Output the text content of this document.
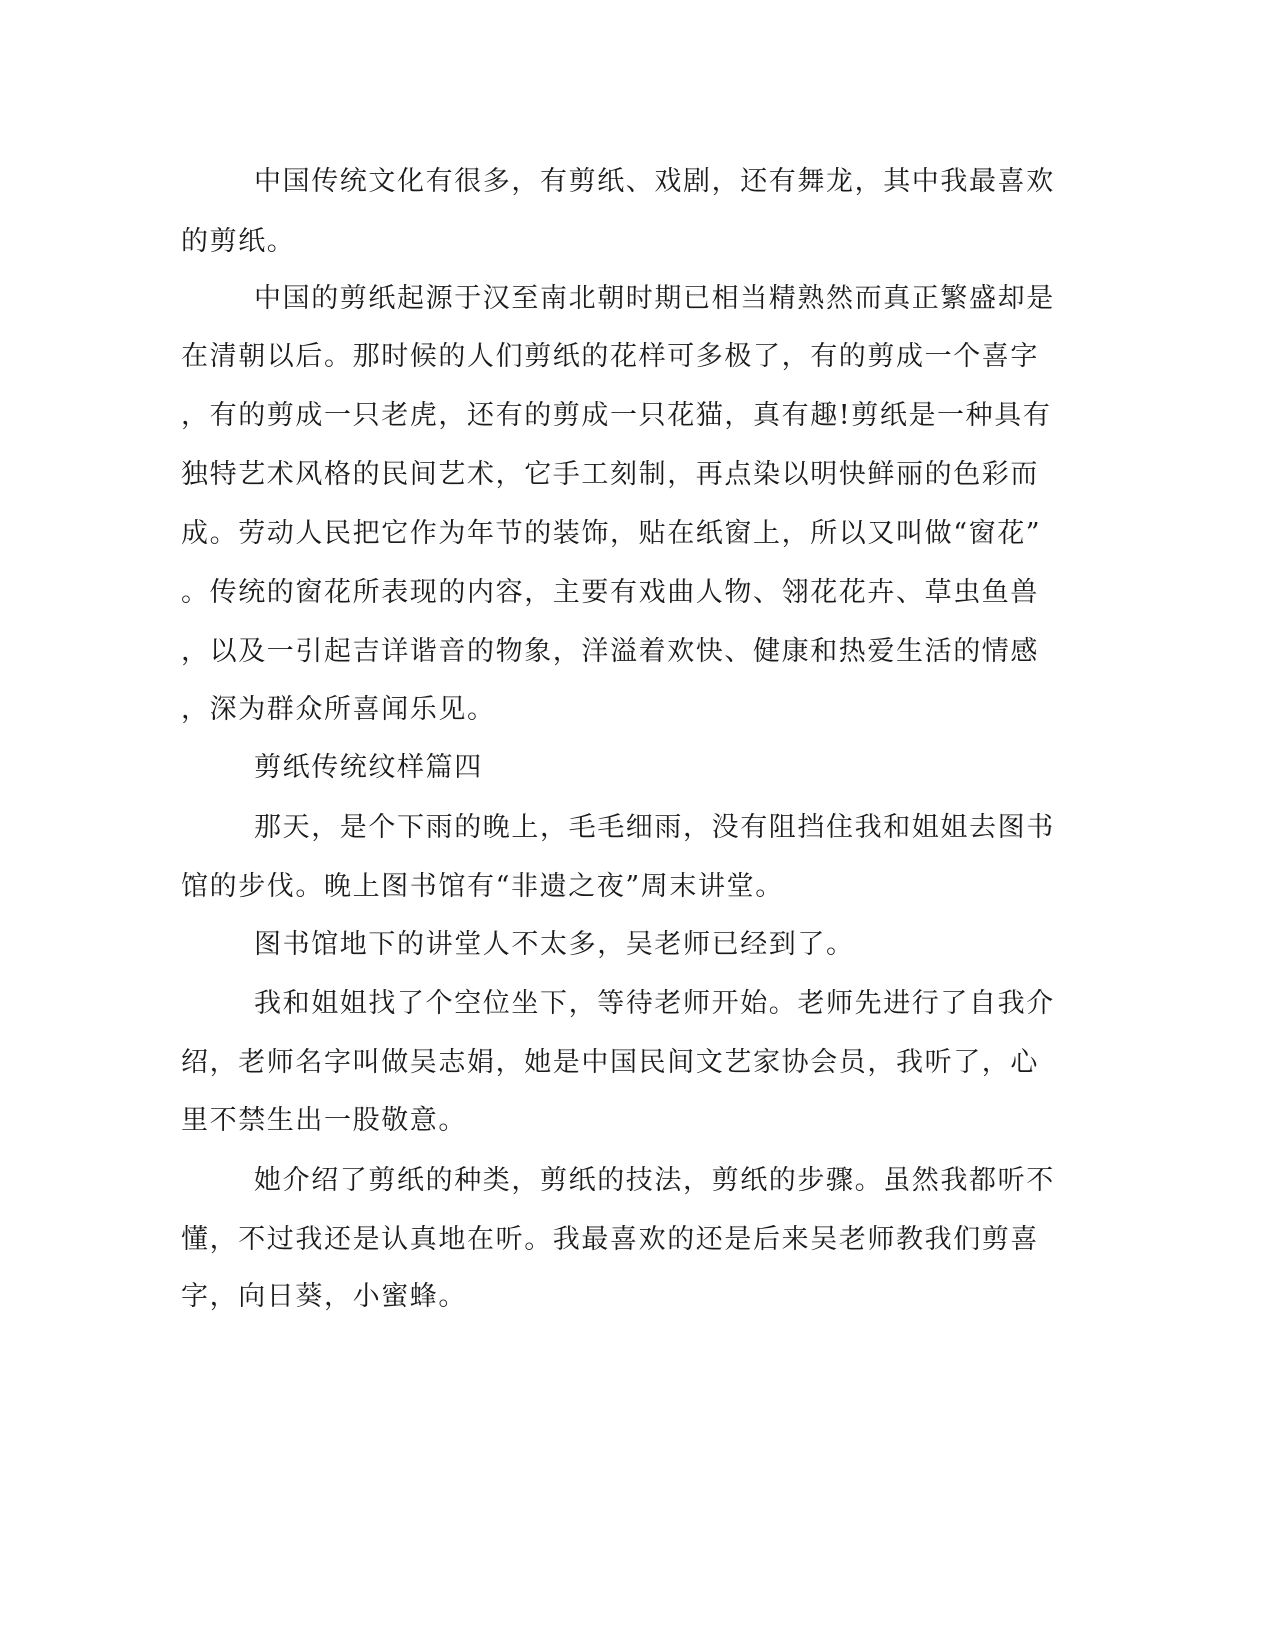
中国传统文化有很多，有剪纸、戏剧，还有舞龙，其中我最喜欢
的剪纸。
中国的剪纸起源于汉至南北朝时期已相当精熟然而真正繁盛却是
在清朝以后。那时候的人们剪纸的花样可多极了，有的剪成一个喜字
，有的剪成一只老虎，还有的剪成一只花猫，真有趣!剪纸是一种具有
独特艺术风格的民间艺术，它手工刻制，再点染以明快鲜丽的色彩而
成。劳动人民把它作为年节的装饰，贴在纸窗上，所以又叫做“窗花”
。传统的窗花所表现的内容，主要有戏曲人物、翎花花卉、草虫鱼兽
，以及一引起吉详谐音的物象，洋溢着欢快、健康和热爱生活的情感
，深为群众所喜闻乐见。
剪纸传统纹样篇四
那天，是个下雨的晚上，毛毛细雨，没有阻挡住我和姐姐去图书
馆的步伐。晚上图书馆有“非遗之夜”周末讲堂。
图书馆地下的讲堂人不太多，吴老师已经到了。
我和姐姐找了个空位坐下，等待老师开始。老师先进行了自我介
绍，老师名字叫做吴志娟，她是中国民间文艺家协会员，我听了，心
里不禁生出一股敬意。
她介绍了剪纸的种类，剪纸的技法，剪纸的步骤。虽然我都听不
懂，不过我还是认真地在听。我最喜欢的还是后来吴老师教我们剪喜
字，向日葵，小蜜蜂。
